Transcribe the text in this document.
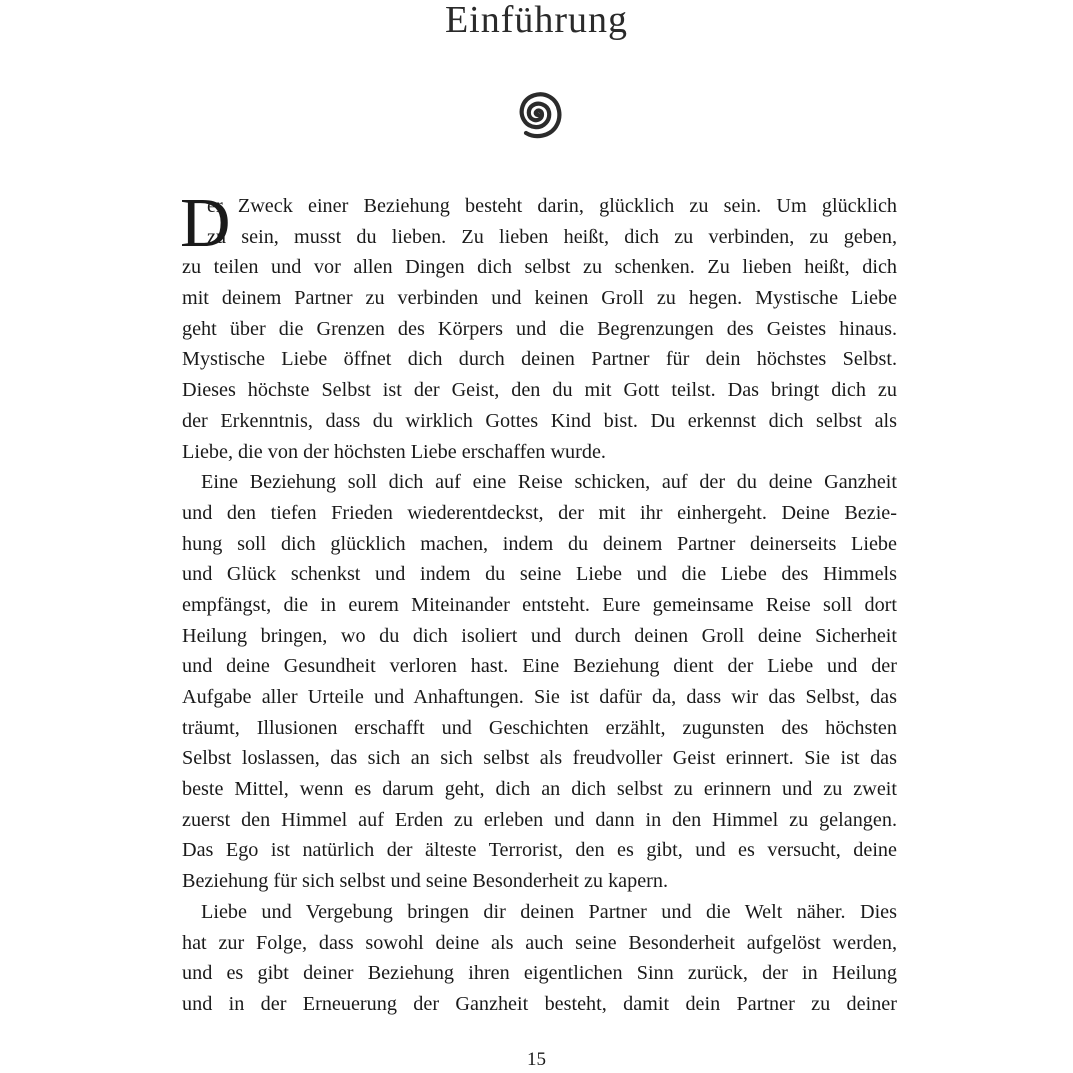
Einführung
D
er Zweck einer Beziehung besteht darin, glücklich zu sein. Um glücklich
zu sein, musst du lieben. Zu lieben heißt, dich zu verbinden, zu geben,
zu teilen und vor allen Dingen dich selbst zu schenken. Zu lieben heißt, dich
mit deinem Partner zu verbinden und keinen Groll zu hegen. Mystische Liebe
geht über die Grenzen des Körpers und die Begrenzungen des Geistes hinaus.
Mystische Liebe öffnet dich durch deinen Partner für dein höchstes Selbst.
Dieses höchste Selbst ist der Geist, den du mit Gott teilst. Das bringt dich zu
der Erkenntnis, dass du wirklich Gottes Kind bist. Du erkennst dich selbst als
Liebe, die von der höchsten Liebe erschaffen wurde.
Eine Beziehung soll dich auf eine Reise schicken, auf der du deine Ganzheit
und den tiefen Frieden wiederentdeckst, der mit ihr einhergeht. Deine Bezie-
hung soll dich glücklich machen, indem du deinem Partner deinerseits Liebe
und Glück schenkst und indem du seine Liebe und die Liebe des Himmels
empfängst, die in eurem Miteinander entsteht. Eure gemeinsame Reise soll dort
Heilung bringen, wo du dich isoliert und durch deinen Groll deine Sicherheit
und deine Gesundheit verloren hast. Eine Beziehung dient der Liebe und der
Aufgabe aller Urteile und Anhaftungen. Sie ist dafür da, dass wir das Selbst, das
träumt, Illusionen erschafft und Geschichten erzählt, zugunsten des höchsten
Selbst loslassen, das sich an sich selbst als freudvoller Geist erinnert. Sie ist das
beste Mittel, wenn es darum geht, dich an dich selbst zu erinnern und zu zweit
zuerst den Himmel auf Erden zu erleben und dann in den Himmel zu gelangen.
Das Ego ist natürlich der älteste Terrorist, den es gibt, und es versucht, deine
Beziehung für sich selbst und seine Besonderheit zu kapern.
Liebe und Vergebung bringen dir deinen Partner und die Welt näher. Dies
hat zur Folge, dass sowohl deine als auch seine Besonderheit aufgelöst werden,
und es gibt deiner Beziehung ihren eigentlichen Sinn zurück, der in Heilung
und in der Erneuerung der Ganzheit besteht, damit dein Partner zu deiner
15
